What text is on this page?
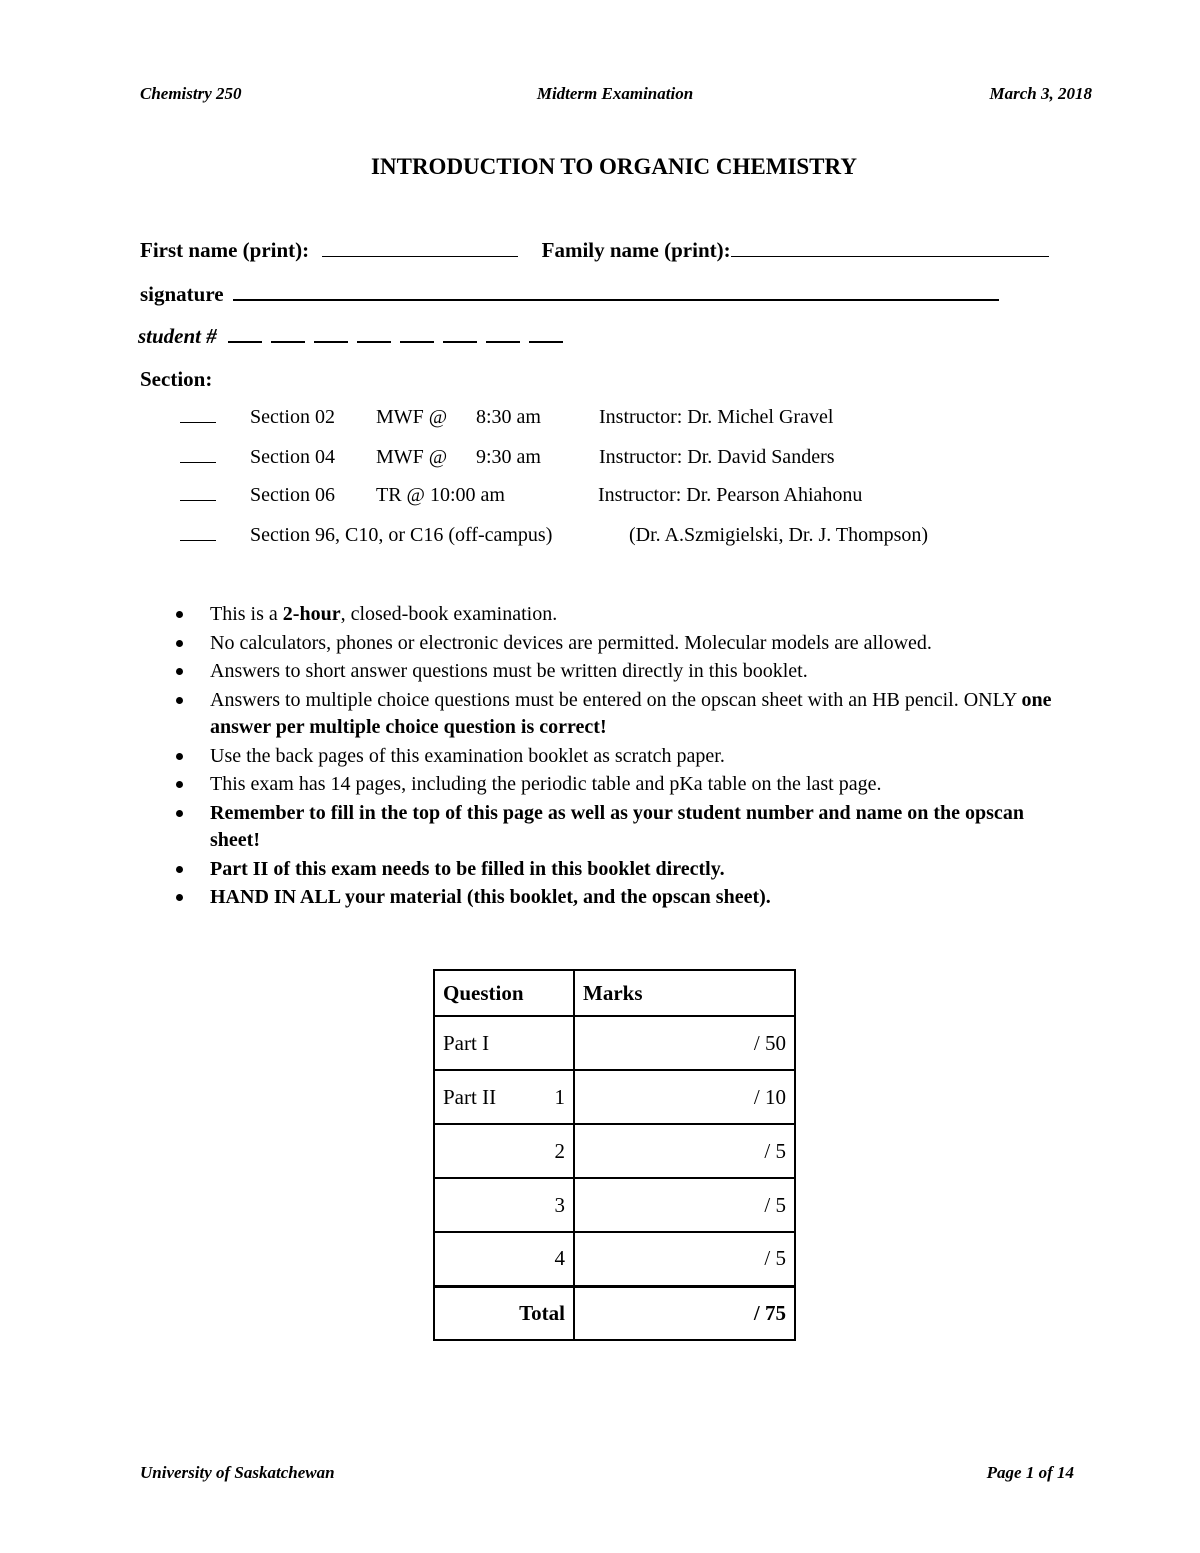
Chemistry 250	Midterm Examination	March 3, 2018
INTRODUCTION TO ORGANIC CHEMISTRY
First name (print):	Family name (print):
signature
student #
Section:
Section 02 MWF @ 8:30 am	Instructor: Dr. Michel Gravel
Section 04 MWF @ 9:30 am	Instructor: Dr. David Sanders
Section 06 TR @ 10:00 am	Instructor: Dr. Pearson Ahiahonu
Section 96, C10, or C16 (off-campus)	(Dr. A.Szmigielski, Dr. J. Thompson)
This is a 2-hour, closed-book examination.
No calculators, phones or electronic devices are permitted. Molecular models are allowed.
Answers to short answer questions must be written directly in this booklet.
Answers to multiple choice questions must be entered on the opscan sheet with an HB pencil. ONLY one answer per multiple choice question is correct!
Use the back pages of this examination booklet as scratch paper.
This exam has 14 pages, including the periodic table and pKa table on the last page.
Remember to fill in the top of this page as well as your student number and name on the opscan sheet!
Part II of this exam needs to be filled in this booklet directly.
HAND IN ALL your material (this booklet, and the opscan sheet).
Question	Marks

Part I	/ 50

Part II 1	/ 10

2	/ 5

3	/ 5

4	/ 5
Total	/ 75
University of Saskatchewan	Page 1 of 14
